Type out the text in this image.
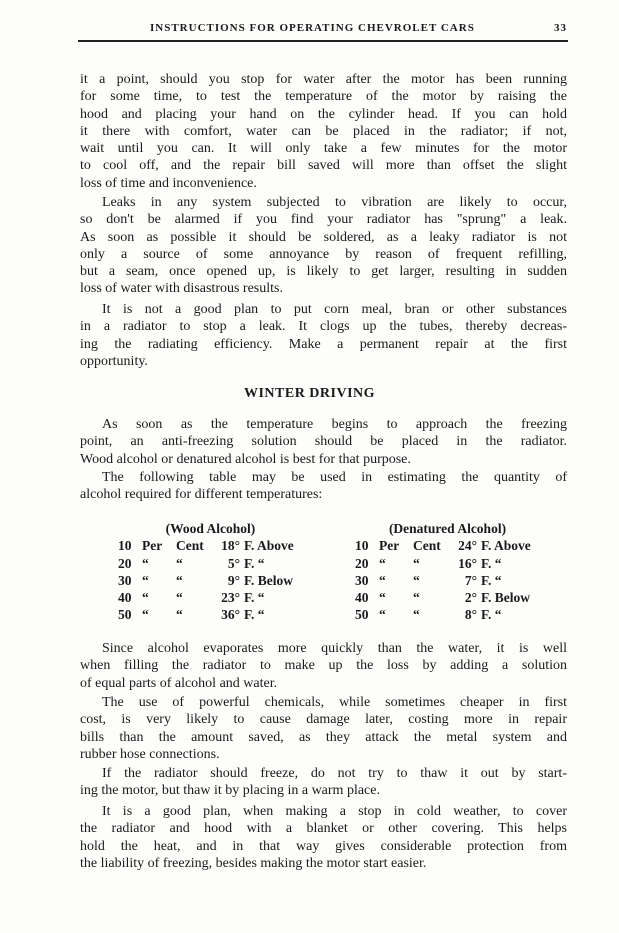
INSTRUCTIONS FOR OPERATING CHEVROLET CARS	33
it a point, should you stop for water after the motor has been running
for some time, to test the temperature of the motor by raising the
hood and placing your hand on the cylinder head. If you can hold
it there with comfort, water can be placed in the radiator; if not,
wait until you can. It will only take a few minutes for the motor
to cool off, and the repair bill saved will more than offset the slight
loss of time and inconvenience.
Leaks in any system subjected to vibration are likely to occur,
so don't be alarmed if you find your radiator has "sprung" a leak.
As soon as possible it should be soldered, as a leaky radiator is not
only a source of some annoyance by reason of frequent refilling,
but a seam, once opened up, is likely to get larger, resulting in sudden
loss of water with disastrous results.
It is not a good plan to put corn meal, bran or other substances
in a radiator to stop a leak. It clogs up the tubes, thereby decreas-
ing the radiating efficiency. Make a permanent repair at the first
opportunity.
As soon as the temperature begins to approach the freezing
point, an anti-freezing solution should be placed in the radiator.
Wood alcohol or denatured alcohol is best for that purpose.
The following table may be used in estimating the quantity of
alcohol required for different temperatures:
Since alcohol evaporates more quickly than the water, it is well
when filling the radiator to make up the loss by adding a solution
of equal parts of alcohol and water.
The use of powerful chemicals, while sometimes cheaper in first
cost, is very likely to cause damage later, costing more in repair
bills than the amount saved, as they attack the metal system and
rubber hose connections.
If the radiator should freeze, do not try to thaw it out by start-
ing the motor, but thaw it by placing in a warm place.
It is a good plan, when making a stop in cold weather, to cover
the radiator and hood with a blanket or other covering. This helps
hold the heat, and in that way gives considerable protection from
the liability of freezing, besides making the motor start easier.
WINTER DRIVING
(Wood Alcohol)
10 Per Cent 18° F. Above
20 “ “	5° F. “
30 “ “	9° F. Below
40 “ “	23° F. “
50 “ “	36° F. “
(Denatured Alcohol)
10 Per Cent 24° F. Above
20 “ “	16° F. “
30 “ “	7° F. “
40 “ “	2° F. Below
50 “ “	8° F. “
